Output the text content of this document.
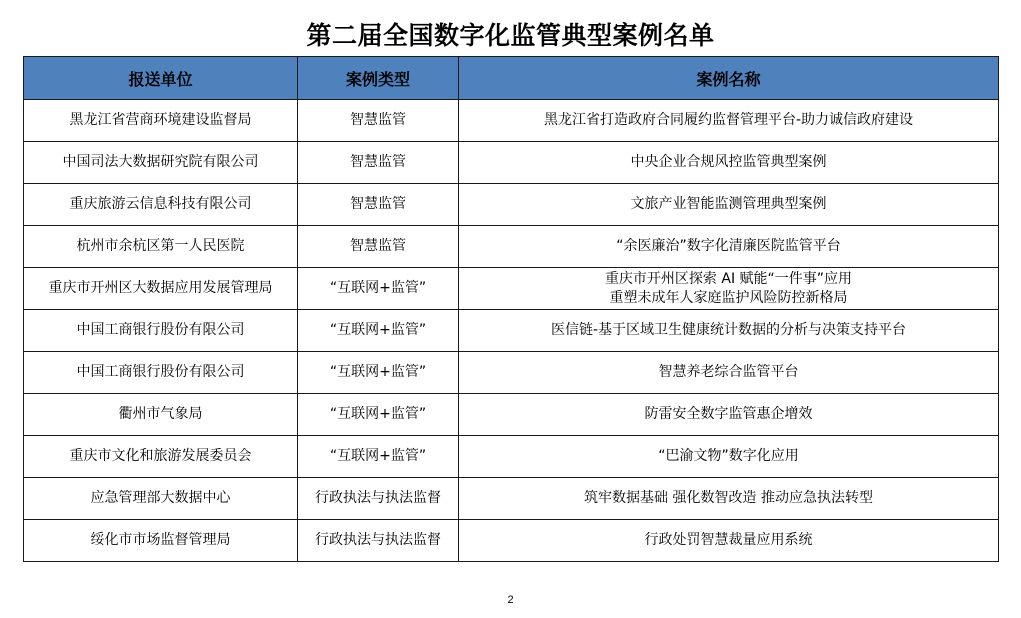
第二届全国数字化监管典型案例名单
报送单位	案例类型	案例名称
黑龙江省营商环境建设监督局	智慧监管	黑龙江省打造政府合同履约监督管理平台-助力诚信政府建设

中国司法大数据研究院有限公司	智慧监管	中央企业合规风控监管典型案例

重庆旅游云信息科技有限公司	智慧监管	文旅产业智能监测管理典型案例

杭州市余杭区第一人民医院	智慧监管	“余医廉治”数字化清廉医院监管平台

重庆市开州区大数据应用发展管理局	“互联网+监管”	重庆市开州区探索 AI 赋能“一件事”应用
重塑未成年人家庭监护风险防控新格局

中国工商银行股份有限公司	“互联网+监管”	医信链-基于区域卫生健康统计数据的分析与决策支持平台

中国工商银行股份有限公司	“互联网+监管”	智慧养老综合监管平台

衢州市气象局	“互联网+监管”	防雷安全数字监管惠企增效

重庆市文化和旅游发展委员会	“互联网+监管”	“巴渝文物”数字化应用

应急管理部大数据中心	行政执法与执法监督	筑牢数据基础 强化数智改造 推动应急执法转型

绥化市市场监督管理局	行政执法与执法监督	行政处罚智慧裁量应用系统
2
